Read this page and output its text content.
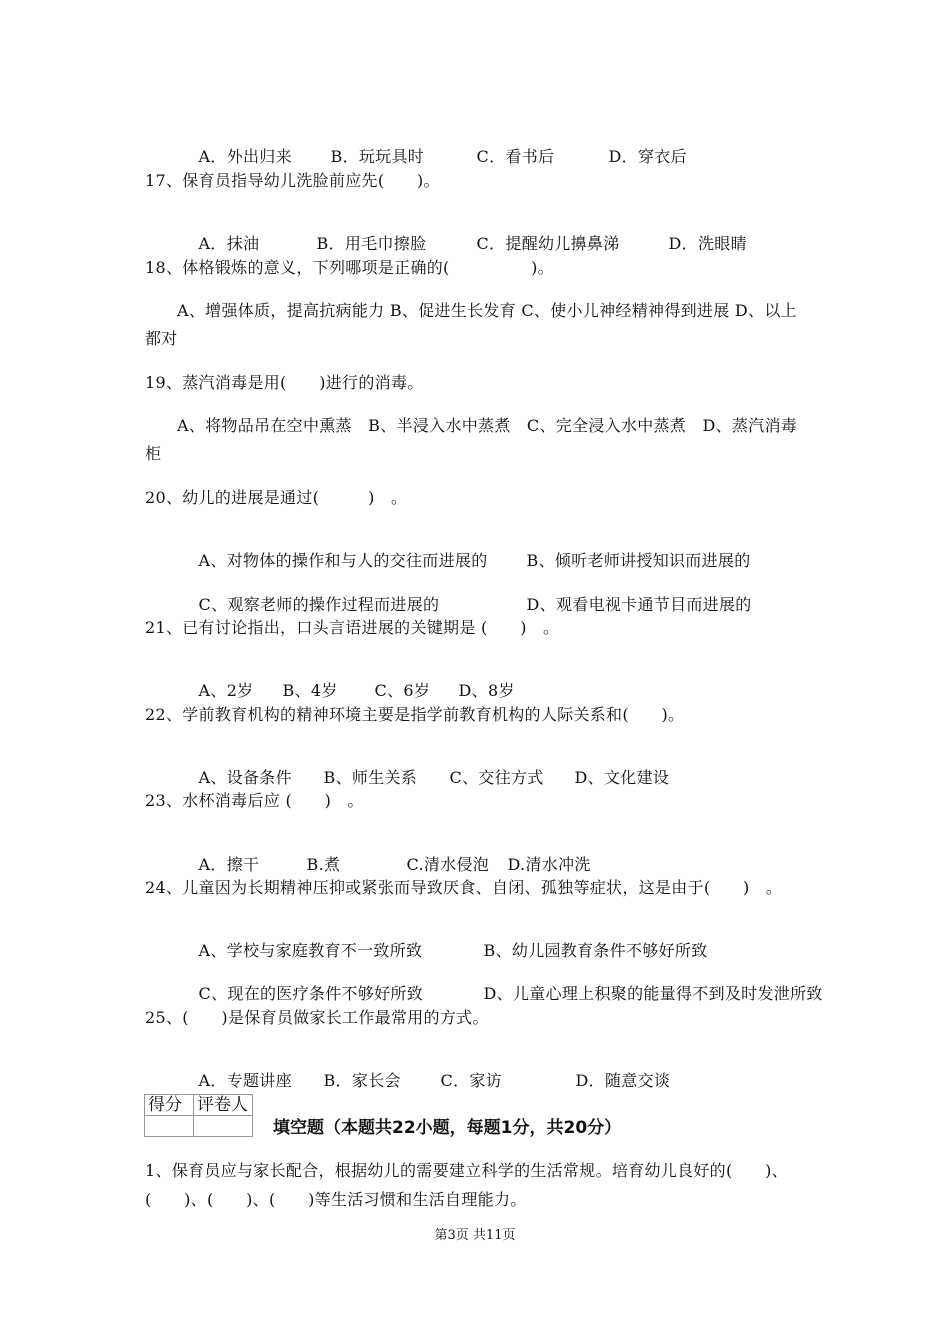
A．外出归来 B．玩玩具时	C．看书后	D．穿衣后

17、保育员指导幼儿洗脸前应先(　　)。

A．抹油	B．用毛巾擦脸	C．提醒幼儿擤鼻涕	D．洗眼睛

18、体格锻炼的意义，下列哪项是正确的(　　　　　)。
A、增强体质，提高抗病能力 B、促进生长发育 C、使小儿神经精神得到进展 D、以上
都对
19、蒸汽消毒是用(　　)进行的消毒。
A、将物品吊在空中熏蒸　B、半浸入水中蒸煮　C、完全浸入水中蒸煮　D、蒸汽消毒
柜
20、幼儿的进展是通过(　　　)　。

A、对物体的操作和与人的交往而进展的 B、倾听老师讲授知识而进展的

C、观察老师的操作过程而进展的	D、观看电视卡通节目而进展的

21、已有讨论指出，口头言语进展的关键期是 (　　)　。

A、2岁 B、4岁 C、6岁 D、8岁

22、学前教育机构的精神环境主要是指学前教育机构的人际关系和(　　)。

A、设备条件 B、师生关系 C、交往方式 D、文化建设

23、水杯消毒后应 (　　)　。

A．擦干	B.煮	C.清水侵泡 D.清水冲洗

24、儿童因为长期精神压抑或紧张而导致厌食、自闭、孤独等症状，这是由于(　　)　。

A、学校与家庭教育不一致所致	B、幼儿园教育条件不够好所致

C、现在的医疗条件不够好所致	D、儿童心理上积聚的能量得不到及时发泄所致

25、(　　)是保育员做家长工作最常用的方式。

A．专题讲座 B．家长会 C．家访	D．随意交谈

得分	评卷人

填空题（本题共22小题，每题1分，共20分）
1、保育员应与家长配合，根据幼儿的需要建立科学的生活常规。培育幼儿良好的(　　)、
(　　)、(　　)、(　　)等生活习惯和生活自理能力。
第3页 共11页
